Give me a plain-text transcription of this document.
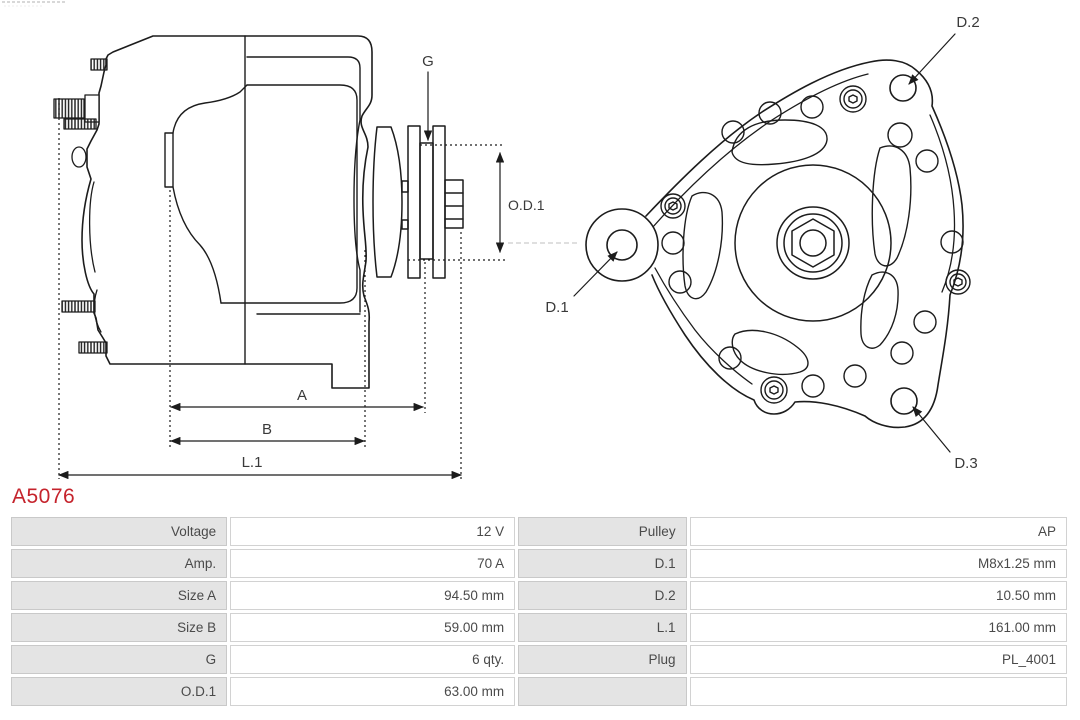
G
O.D.1
A
B
L.1
D.2
D.3
D.1
A5076
Voltage	12 V	Pulley	AP
Amp.	70 A	D.1	M8x1.25 mm
Size A	94.50 mm	D.2	10.50 mm
Size B	59.00 mm	L.1	161.00 mm
G	6 qty.	Plug	PL_4001
O.D.1	63.00 mm		
